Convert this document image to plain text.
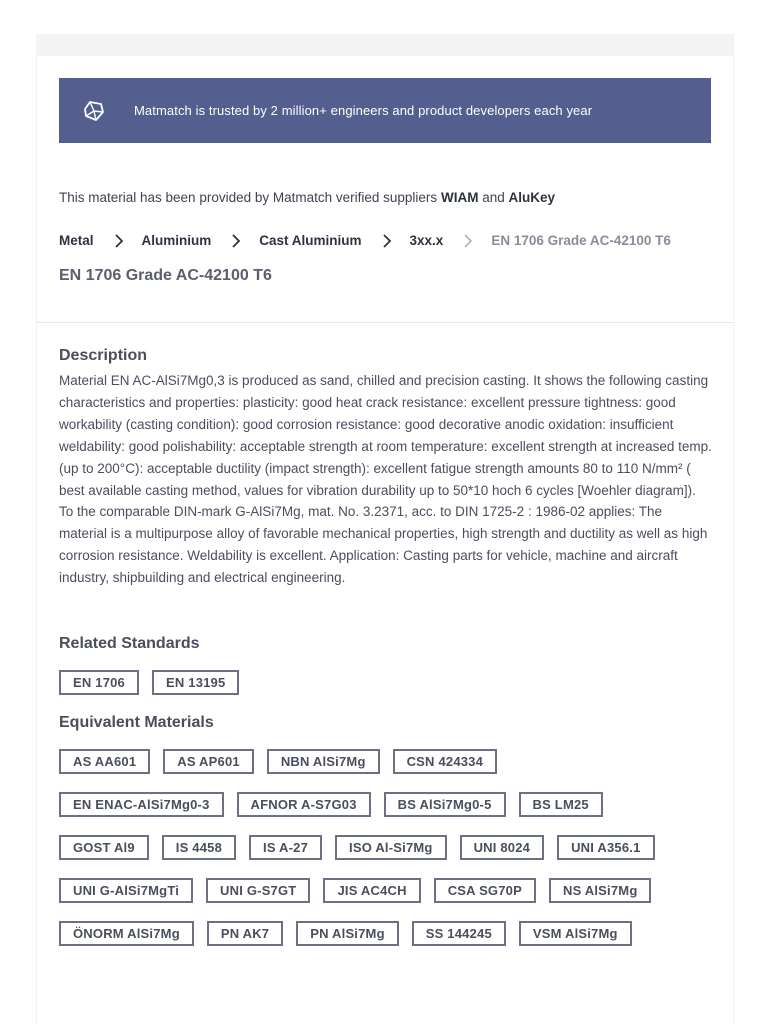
Matmatch is trusted by 2 million+ engineers and product developers each year
This material has been provided by Matmatch verified suppliers WIAM and AluKey
Metal	Aluminium	Cast Aluminium	3xx.x	EN 1706 Grade AC-42100 T6
EN 1706 Grade AC-42100 T6
Description

Material EN AC-AlSi7Mg0,3 is produced as sand, chilled and precision casting. It shows the following casting characteristics and properties: plasticity: good heat crack resistance: excellent pressure tightness: good workability (casting condition): good corrosion resistance: good decorative anodic oxidation: insufficient weldability: good polishability: acceptable strength at room temperature: excellent strength at increased temp. (up to 200°C): acceptable ductility (impact strength): excellent fatigue strength amounts 80 to 110 N/mm² ( best available casting method, values for vibration durability up to 50*10 hoch 6 cycles [Woehler diagram]). To the comparable DIN-mark G-AlSi7Mg, mat. No. 3.2371, acc. to DIN 1725-2 : 1986-02 applies: The material is a multipurpose alloy of favorable mechanical properties, high strength and ductility as well as high corrosion resistance. Weldability is excellent. Application: Casting parts for vehicle, machine and aircraft industry, shipbuilding and electrical engineering.

Related Standards
EN 1706	EN 13195
Equivalent Materials
AS AA601	AS AP601	NBN AlSi7Mg	CSN 424334
EN ENAC-AlSi7Mg0-3	AFNOR A-S7G03	BS AlSi7Mg0-5	BS LM25
GOST Al9	IS 4458	IS A-27	ISO Al-Si7Mg	UNI 8024	UNI A356.1
UNI G-AlSi7MgTi	UNI G-S7GT	JIS AC4CH	CSA SG70P	NS AlSi7Mg
ÖNORM AlSi7Mg	PN AK7	PN AlSi7Mg	SS 144245	VSM AlSi7Mg
